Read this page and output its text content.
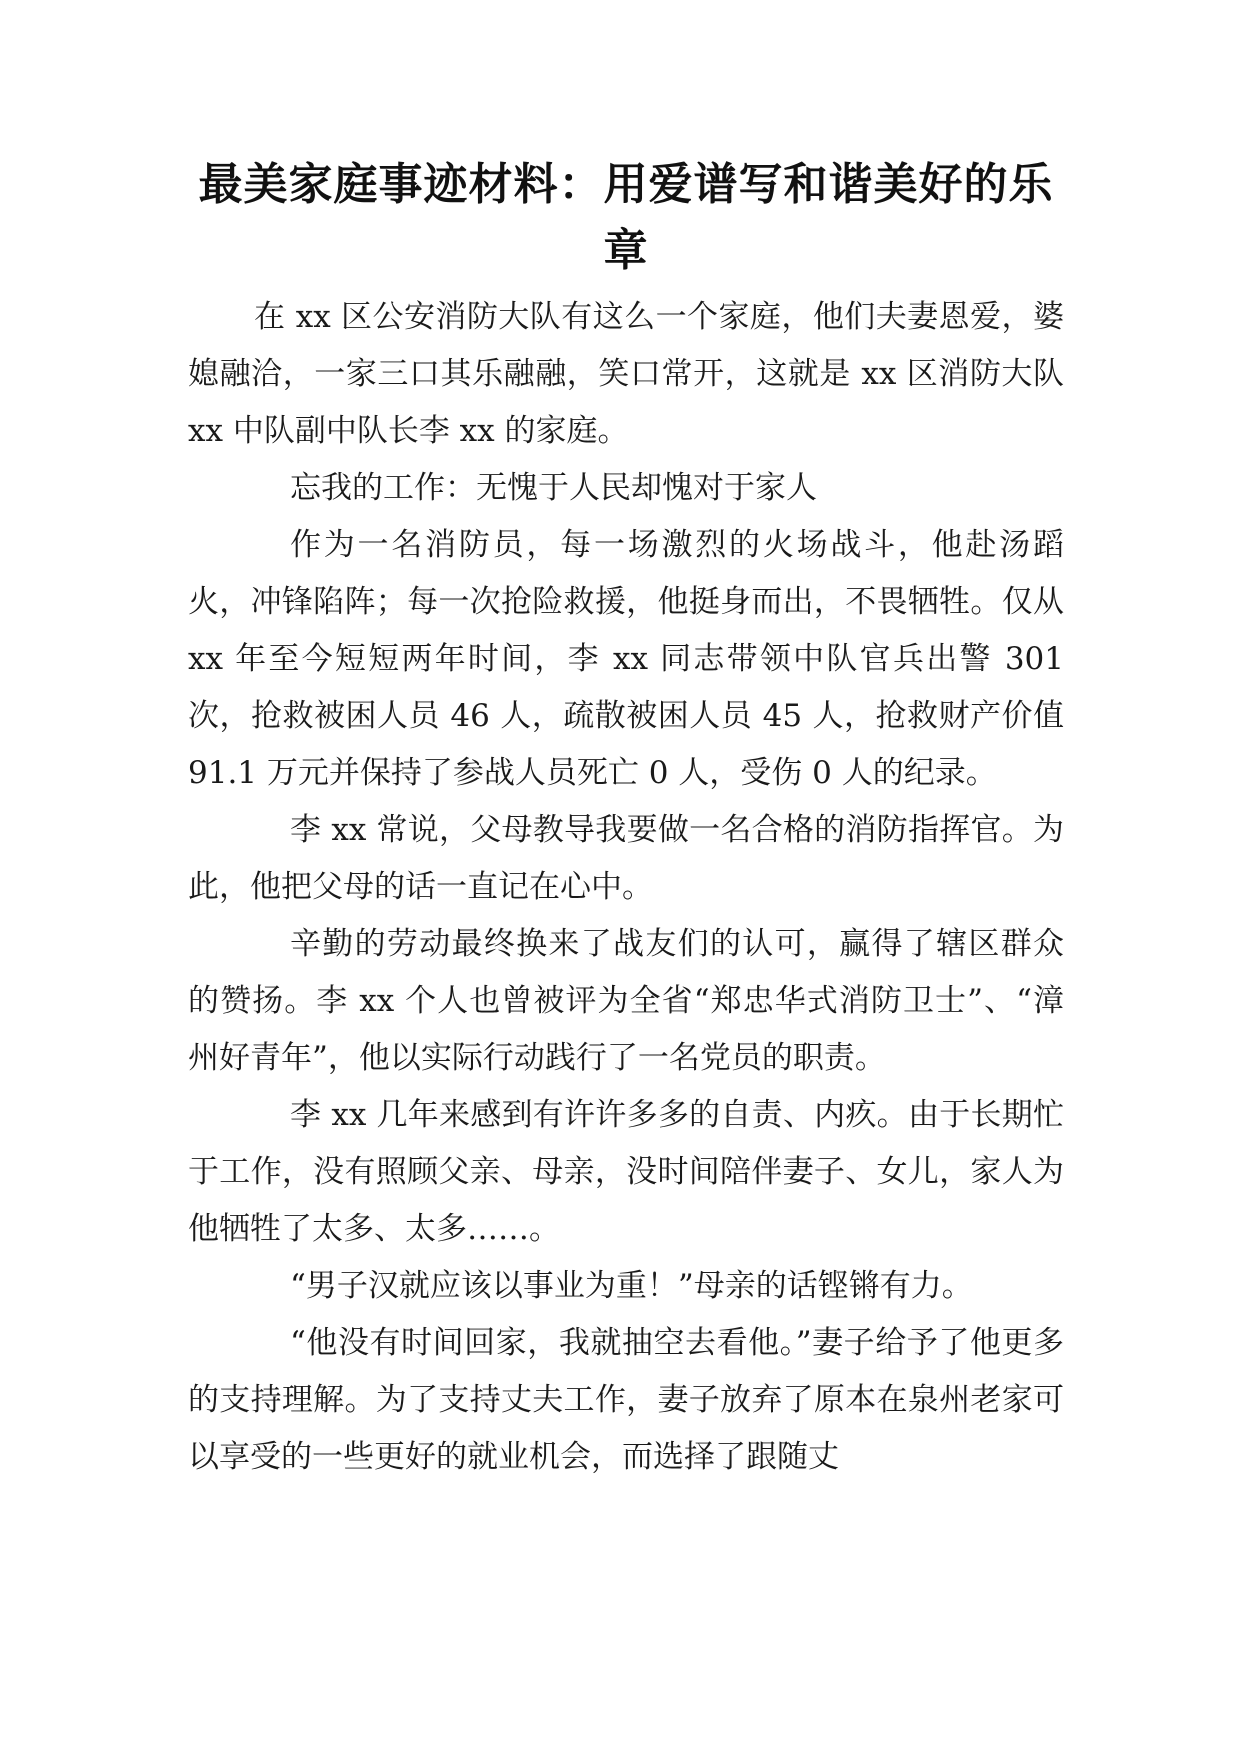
最美家庭事迹材料：用爱谱写和谐美好的乐
章

在 xx 区公安消防大队有这么一个家庭，他们夫妻恩爱，婆媳融洽，一家三口其乐融融，笑口常开，这就是 xx 区消防大队 xx 中队副中队长李 xx 的家庭。

忘我的工作：无愧于人民却愧对于家人

作为一名消防员，每一场激烈的火场战斗，他赴汤蹈火，冲锋陷阵；每一次抢险救援，他挺身而出，不畏牺牲。仅从 xx 年至今短短两年时间，李 xx 同志带领中队官兵出警 301 次，抢救被困人员 46 人，疏散被困人员 45 人，抢救财产价值 91.1 万元并保持了参战人员死亡 0 人，受伤 0 人的纪录。

李 xx 常说，父母教导我要做一名合格的消防指挥官。为此，他把父母的话一直记在心中。

辛勤的劳动最终换来了战友们的认可，赢得了辖区群众的赞扬。李 xx 个人也曾被评为全省“郑忠华式消防卫士”、“漳州好青年”，他以实际行动践行了一名党员的职责。

李 xx 几年来感到有许许多多的自责、内疚。由于长期忙于工作，没有照顾父亲、母亲，没时间陪伴妻子、女儿，家人为他牺牲了太多、太多……。

“男子汉就应该以事业为重！”母亲的话铿锵有力。

“他没有时间回家，我就抽空去看他。”妻子给予了他更多的支持理解。为了支持丈夫工作，妻子放弃了原本在泉州老家可以享受的一些更好的就业机会，而选择了跟随丈
